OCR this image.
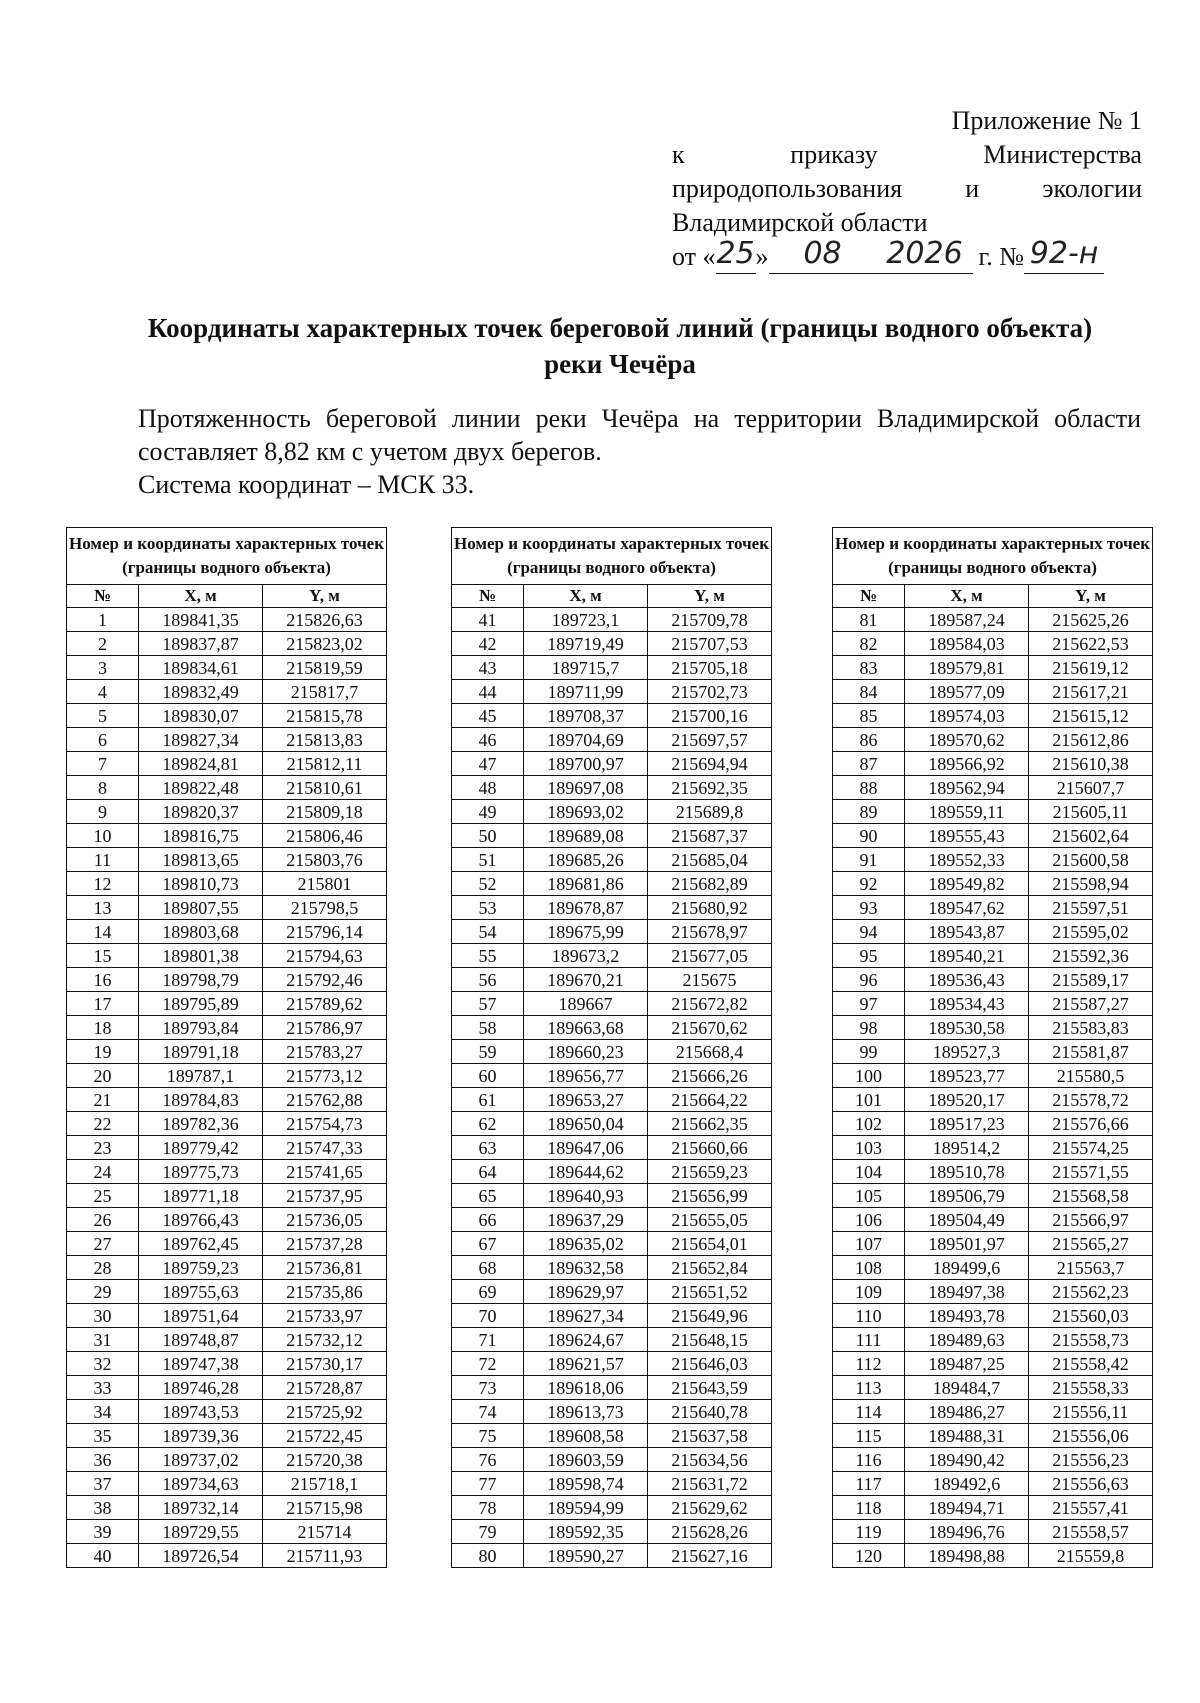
Приложение № 1
к	приказу	Министерства
природопользования и экологии
Владимирской области
от « 25 »	08	2026 г. № 92-н
Координаты характерных точек береговой линий (границы водного объекта)
реки Чечёра

Протяженность береговой линии реки Чечёра на территории Владимирской области составляет 8,82 км с учетом двух берегов.

Система координат – МСК 33.

Номер и координаты характерных точек (границы водного объекта)		
№	X, м	Y, м
1	189841,35	215826,63
2	189837,87	215823,02
3	189834,61	215819,59
4	189832,49	215817,7
5	189830,07	215815,78
6	189827,34	215813,83
7	189824,81	215812,11
8	189822,48	215810,61
9	189820,37	215809,18
10	189816,75	215806,46
11	189813,65	215803,76
12	189810,73	215801
13	189807,55	215798,5
14	189803,68	215796,14
15	189801,38	215794,63
16	189798,79	215792,46
17	189795,89	215789,62
18	189793,84	215786,97
19	189791,18	215783,27
20	189787,1	215773,12
21	189784,83	215762,88
22	189782,36	215754,73
23	189779,42	215747,33
24	189775,73	215741,65
25	189771,18	215737,95
26	189766,43	215736,05
27	189762,45	215737,28
28	189759,23	215736,81
29	189755,63	215735,86
30	189751,64	215733,97
31	189748,87	215732,12
32	189747,38	215730,17
33	189746,28	215728,87
34	189743,53	215725,92
35	189739,36	215722,45
36	189737,02	215720,38
37	189734,63	215718,1
38	189732,14	215715,98
39	189729,55	215714
40	189726,54	215711,93
Номер и координаты характерных точек (границы водного объекта)		
№	X, м	Y, м
41	189723,1	215709,78
42	189719,49	215707,53
43	189715,7	215705,18
44	189711,99	215702,73
45	189708,37	215700,16
46	189704,69	215697,57
47	189700,97	215694,94
48	189697,08	215692,35
49	189693,02	215689,8
50	189689,08	215687,37
51	189685,26	215685,04
52	189681,86	215682,89
53	189678,87	215680,92
54	189675,99	215678,97
55	189673,2	215677,05
56	189670,21	215675
57	189667	215672,82
58	189663,68	215670,62
59	189660,23	215668,4
60	189656,77	215666,26
61	189653,27	215664,22
62	189650,04	215662,35
63	189647,06	215660,66
64	189644,62	215659,23
65	189640,93	215656,99
66	189637,29	215655,05
67	189635,02	215654,01
68	189632,58	215652,84
69	189629,97	215651,52
70	189627,34	215649,96
71	189624,67	215648,15
72	189621,57	215646,03
73	189618,06	215643,59
74	189613,73	215640,78
75	189608,58	215637,58
76	189603,59	215634,56
77	189598,74	215631,72
78	189594,99	215629,62
79	189592,35	215628,26
80	189590,27	215627,16
Номер и координаты характерных точек (границы водного объекта)		
№	X, м	Y, м
81	189587,24	215625,26
82	189584,03	215622,53
83	189579,81	215619,12
84	189577,09	215617,21
85	189574,03	215615,12
86	189570,62	215612,86
87	189566,92	215610,38
88	189562,94	215607,7
89	189559,11	215605,11
90	189555,43	215602,64
91	189552,33	215600,58
92	189549,82	215598,94
93	189547,62	215597,51
94	189543,87	215595,02
95	189540,21	215592,36
96	189536,43	215589,17
97	189534,43	215587,27
98	189530,58	215583,83
99	189527,3	215581,87
100	189523,77	215580,5
101	189520,17	215578,72
102	189517,23	215576,66
103	189514,2	215574,25
104	189510,78	215571,55
105	189506,79	215568,58
106	189504,49	215566,97
107	189501,97	215565,27
108	189499,6	215563,7
109	189497,38	215562,23
110	189493,78	215560,03
111	189489,63	215558,73
112	189487,25	215558,42
113	189484,7	215558,33
114	189486,27	215556,11
115	189488,31	215556,06
116	189490,42	215556,23
117	189492,6	215556,63
118	189494,71	215557,41
119	189496,76	215558,57
120	189498,88	215559,8
